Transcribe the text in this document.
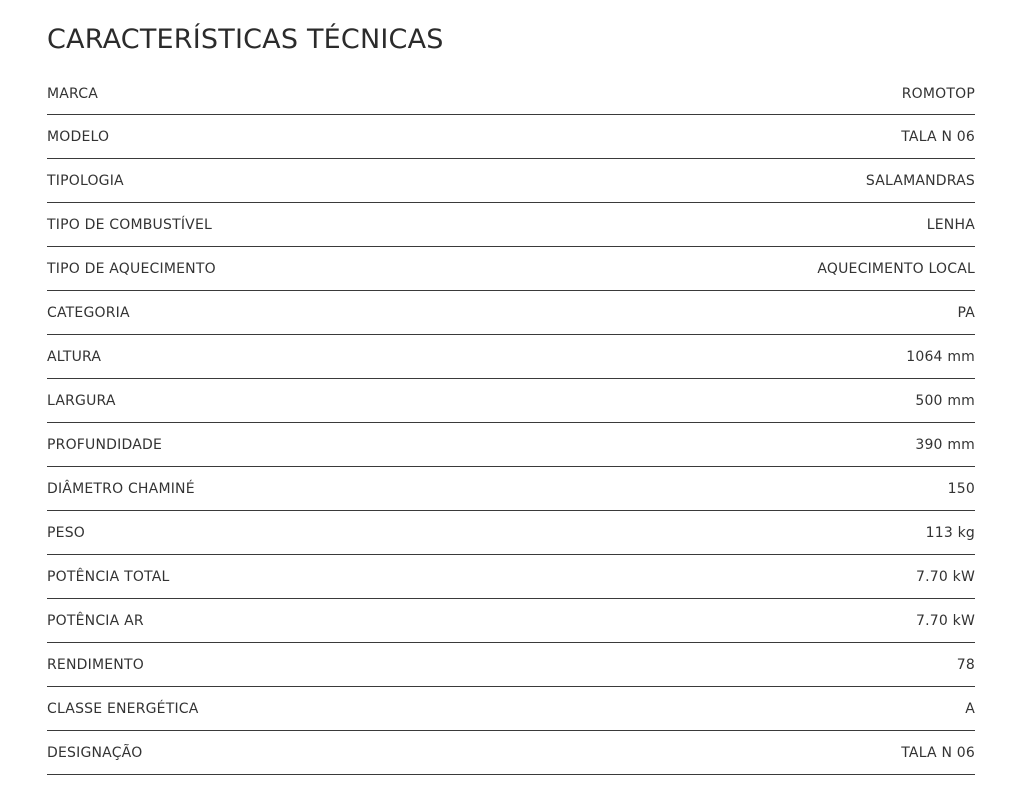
CARACTERÍSTICAS TÉCNICAS
MARCA	ROMOTOP
MODELO	TALA N 06
TIPOLOGIA	SALAMANDRAS
TIPO DE COMBUSTÍVEL	LENHA
TIPO DE AQUECIMENTO	AQUECIMENTO LOCAL
CATEGORIA	PA
ALTURA	1064 mm
LARGURA	500 mm
PROFUNDIDADE	390 mm
DIÂMETRO CHAMINÉ	150
PESO	113 kg
POTÊNCIA TOTAL	7.70 kW
POTÊNCIA AR	7.70 kW
RENDIMENTO	78
CLASSE ENERGÉTICA	A
DESIGNAÇÃO	TALA N 06
